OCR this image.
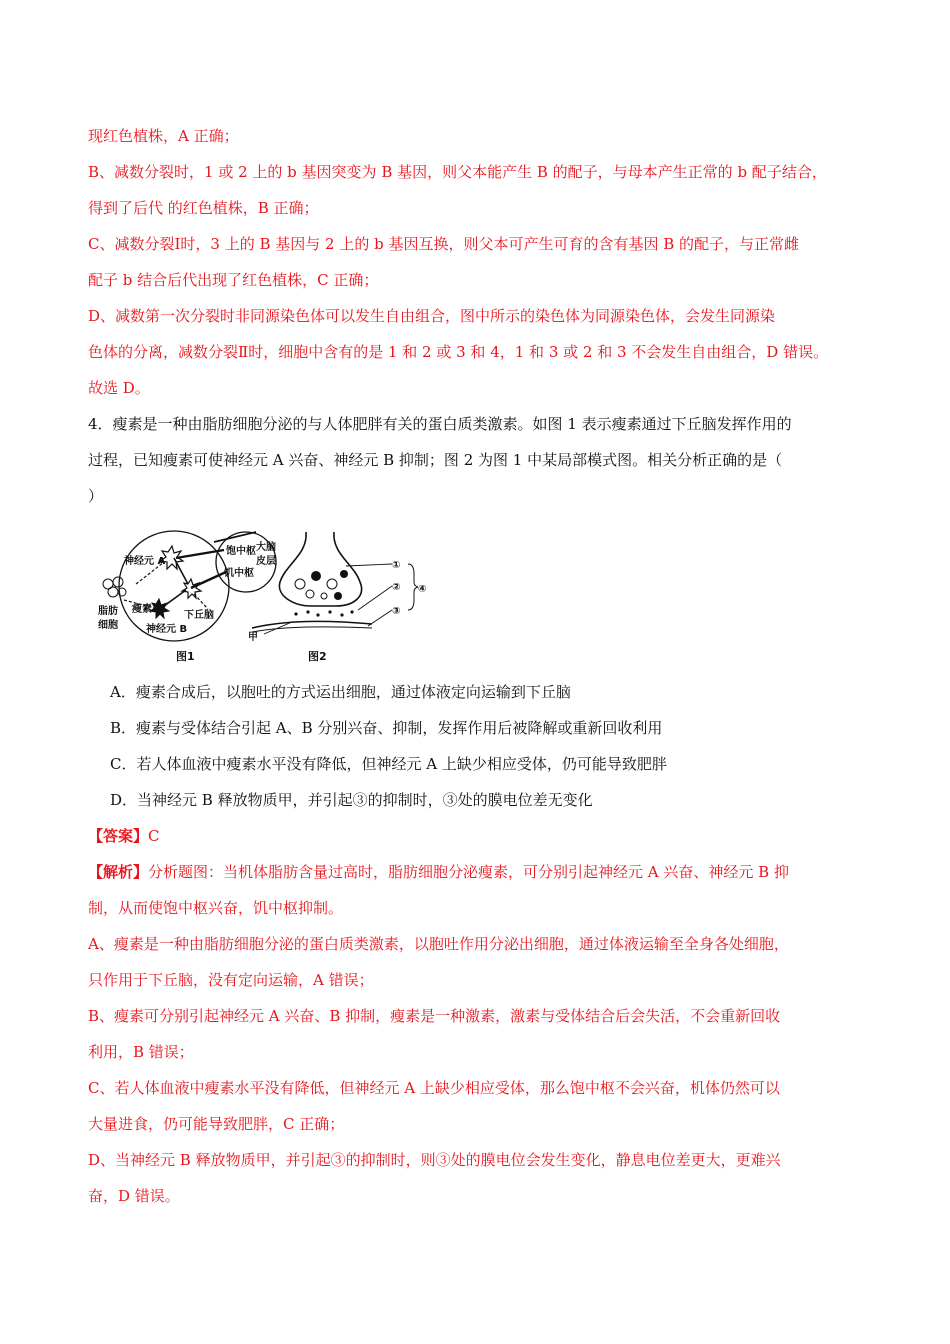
现红色植株，A 正确；
B、减数分裂时，1 或 2 上的 b 基因突变为 B 基因，则父本能产生 B 的配子，与母本产生正常的 b 配子结合，
得到了后代 的红色植株，B 正确；
C、减数分裂Ⅰ时，3 上的 B 基因与 2 上的 b 基因互换，则父本可产生可育的含有基因 B 的配子，与正常雌
配子 b 结合后代出现了红色植株，C 正确；
D、减数第一次分裂时非同源染色体可以发生自由组合，图中所示的染色体为同源染色体，会发生同源染
色体的分离，减数分裂Ⅱ时，细胞中含有的是 1 和 2 或 3 和 4，1 和 3 或 2 和 3 不会发生自由组合，D 错误。
故选 D。
4．瘦素是一种由脂肪细胞分泌的与人体肥胖有关的蛋白质类激素。如图 1 表示瘦素通过下丘脑发挥作用的
过程，已知瘦素可使神经元 A 兴奋、神经元 B 抑制；图 2 为图 1 中某局部模式图。相关分析正确的是（
）
神经元 A
饱中枢
饥中枢
大脑
皮层
脂肪
细胞
瘦素
下丘脑
神经元 B
甲
①
②
③
④
图1	图2
A．瘦素合成后，以胞吐的方式运出细胞，通过体液定向运输到下丘脑
B．瘦素与受体结合引起 A、B 分别兴奋、抑制，发挥作用后被降解或重新回收利用
C．若人体血液中瘦素水平没有降低，但神经元 A 上缺少相应受体，仍可能导致肥胖
D．当神经元 B 释放物质甲，并引起③的抑制时，③处的膜电位差无变化
【答案】C
【解析】分析题图：当机体脂肪含量过高时，脂肪细胞分泌瘦素，可分别引起神经元 A 兴奋、神经元 B 抑
制，从而使饱中枢兴奋，饥中枢抑制。
A、瘦素是一种由脂肪细胞分泌的蛋白质类激素，以胞吐作用分泌出细胞，通过体液运输至全身各处细胞，
只作用于下丘脑，没有定向运输，A 错误；
B、瘦素可分别引起神经元 A 兴奋、B 抑制，瘦素是一种激素，激素与受体结合后会失活，不会重新回收
利用，B 错误；
C、若人体血液中瘦素水平没有降低，但神经元 A 上缺少相应受体，那么饱中枢不会兴奋，机体仍然可以
大量进食，仍可能导致肥胖，C 正确；
D、当神经元 B 释放物质甲，并引起③的抑制时，则③处的膜电位会发生变化，静息电位差更大，更难兴
奋，D 错误。
